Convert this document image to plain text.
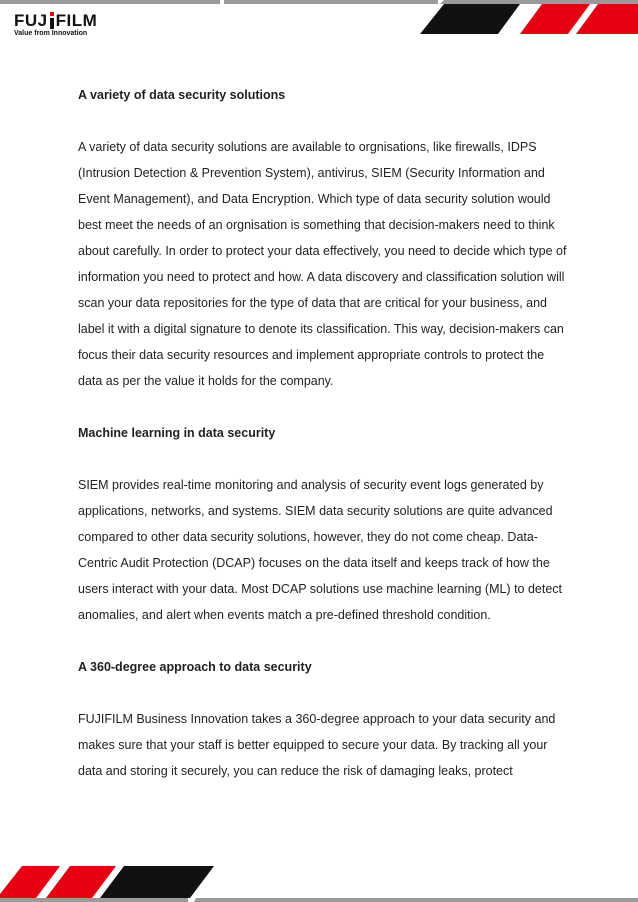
FUJ FILM
Value from Innovation
A variety of data security solutions
A variety of data security solutions are available to orgnisations, like firewalls, IDPS (Intrusion Detection & Prevention System), antivirus, SIEM (Security Information and Event Management), and Data Encryption. Which type of data security solution would best meet the needs of an orgnisation is something that decision-makers need to think about carefully. In order to protect your data effectively, you need to decide which type of information you need to protect and how. A data discovery and classification solution will scan your data repositories for the type of data that are critical for your business, and label it with a digital signature to denote its classification. This way, decision-makers can focus their data security resources and implement appropriate controls to protect the data as per the value it holds for the company.
Machine learning in data security
SIEM provides real-time monitoring and analysis of security event logs generated by applications, networks, and systems. SIEM data security solutions are quite advanced compared to other data security solutions, however, they do not come cheap. Data-Centric Audit Protection (DCAP) focuses on the data itself and keeps track of how the users interact with your data. Most DCAP solutions use machine learning (ML) to detect anomalies, and alert when events match a pre-defined threshold condition.
A 360-degree approach to data security
FUJIFILM Business Innovation takes a 360-degree approach to your data security and makes sure that your staff is better equipped to secure your data. By tracking all your data and storing it securely, you can reduce the risk of damaging leaks, protect
